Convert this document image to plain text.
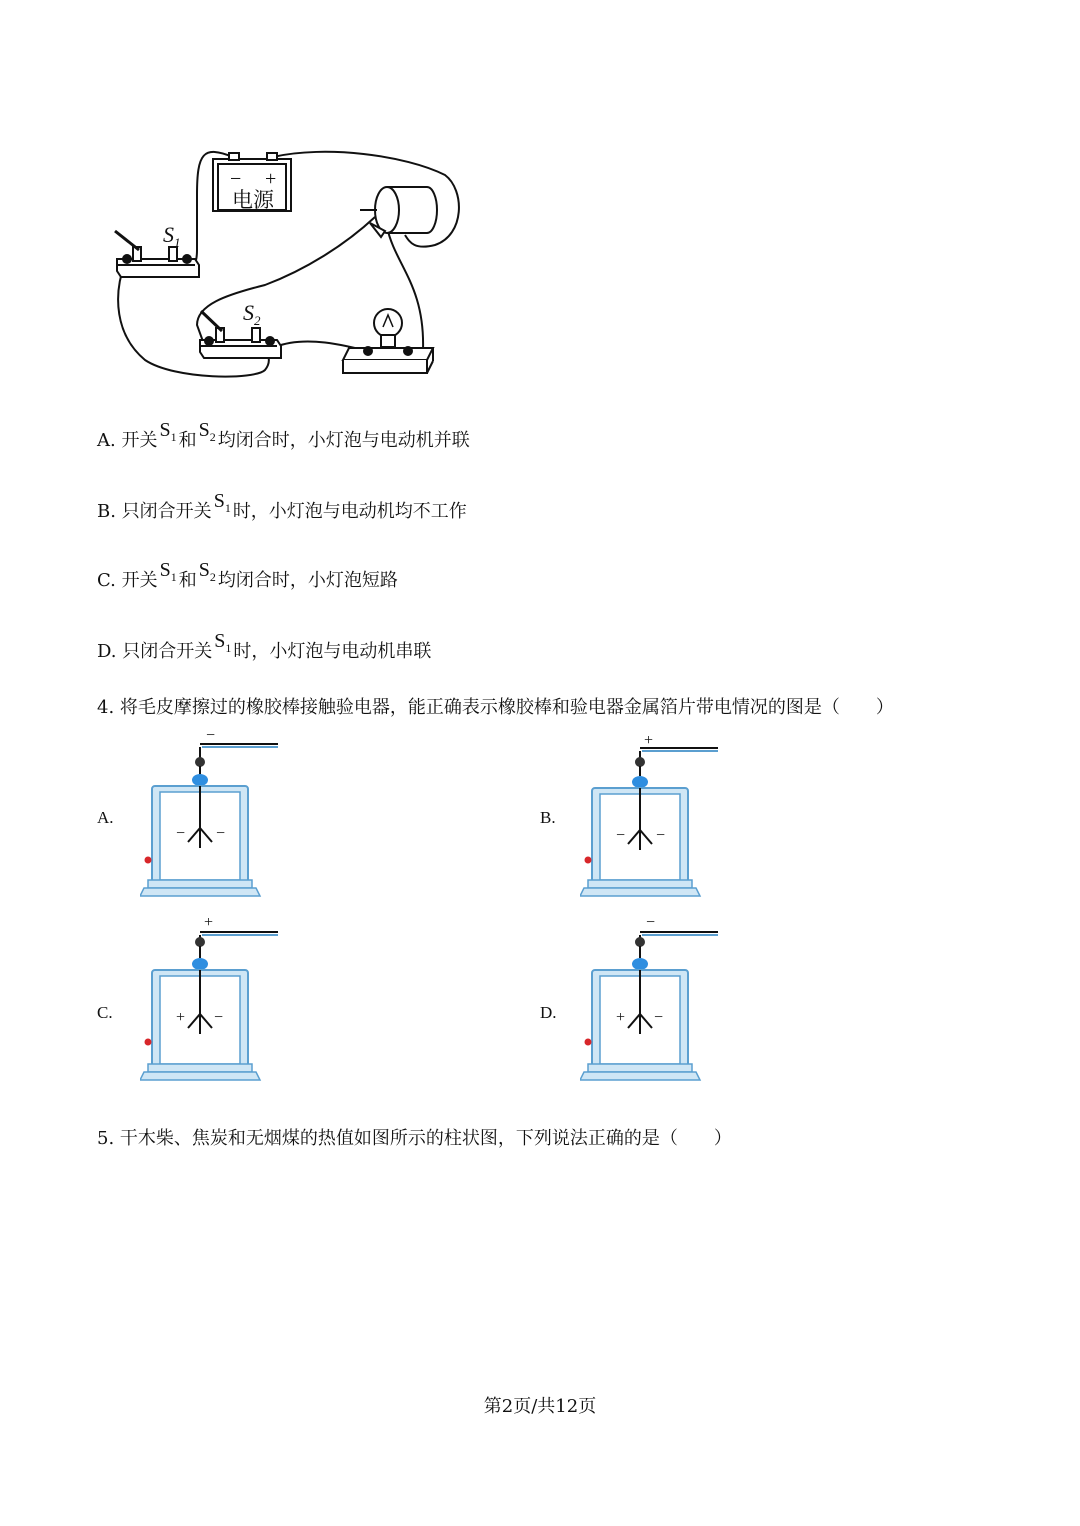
− +
电源
$S_1$
$S_2$
A. 开关 $S_1$ 和 $S_2$ 均闭合时，小灯泡与电动机并联
B. 只闭合开关 $S_1$ 时，小灯泡与电动机均不工作
C. 开关 $S_1$ 和 $S_2$ 均闭合时，小灯泡短路
D. 只闭合开关 $S_1$ 时，小灯泡与电动机串联
4. 将毛皮摩擦过的橡胶棒接触验电器，能正确表示橡胶棒和验电器金属箔片带电情况的图是（　　）
A.
−
− −
B.
+
− −
C.
+
+ −	D.
−
+ −
5. 干木柴、焦炭和无烟煤的热值如图所示的柱状图，下列说法正确的是（　　）
第2页/共12页
